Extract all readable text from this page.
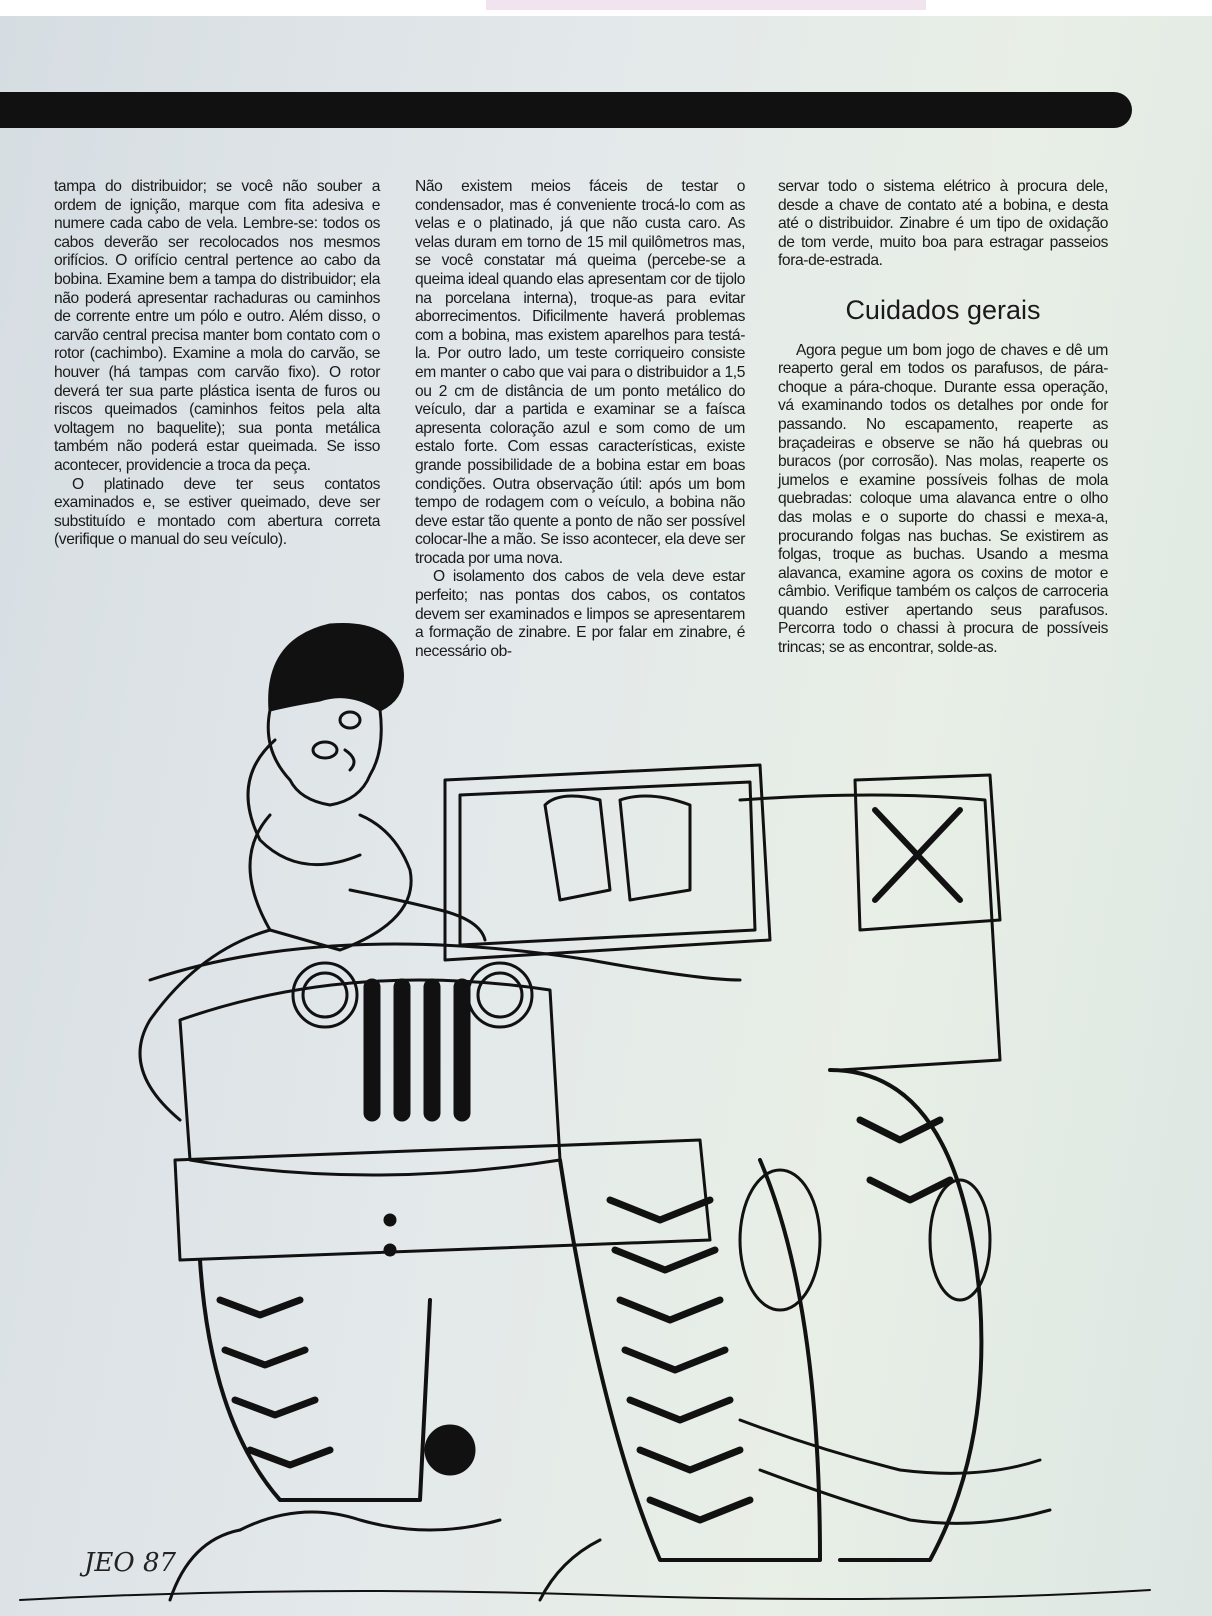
tampa do distribuidor; se você não souber a ordem de ignição, marque com fita adesiva e numere cada cabo de vela. Lembre-se: todos os cabos deverão ser recolocados nos mesmos orifícios. O orifício central pertence ao cabo da bobina. Examine bem a tampa do distribuidor; ela não poderá apresentar rachaduras ou caminhos de corrente entre um pólo e outro. Além disso, o carvão central precisa manter bom contato com o rotor (cachimbo). Examine a mola do carvão, se houver (há tampas com carvão fixo). O rotor deverá ter sua parte plástica isenta de furos ou riscos queimados (caminhos feitos pela alta voltagem no baquelite); sua ponta metálica também não poderá estar queimada. Se isso acontecer, providencie a troca da peça.

O platinado deve ter seus contatos examinados e, se estiver queimado, deve ser substituído e montado com abertura correta (verifique o manual do seu veículo).

Não existem meios fáceis de testar o condensador, mas é conveniente trocá-lo com as velas e o platinado, já que não custa caro. As velas duram em torno de 15 mil quilômetros mas, se você constatar má queima (percebe-se a queima ideal quando elas apresentam cor de tijolo na porcelana interna), troque-as para evitar aborrecimentos. Dificilmente haverá problemas com a bobina, mas existem aparelhos para testá-la. Por outro lado, um teste corriqueiro consiste em manter o cabo que vai para o distribuidor a 1,5 ou 2 cm de distância de um ponto metálico do veículo, dar a partida e examinar se a faísca apresenta coloração azul e som como de um estalo forte. Com essas características, existe grande possibilidade de a bobina estar em boas condições. Outra observação útil: após um bom tempo de rodagem com o veículo, a bobina não deve estar tão quente a ponto de não ser possível colocar-lhe a mão. Se isso acontecer, ela deve ser trocada por uma nova.

O isolamento dos cabos de vela deve estar perfeito; nas pontas dos cabos, os contatos devem ser examinados e limpos se apresentarem a formação de zinabre. E por falar em zinabre, é necessário ob-

servar todo o sistema elétrico à procura dele, desde a chave de contato até a bobina, e desta até o distribuidor. Zinabre é um tipo de oxidação de tom verde, muito boa para estragar passeios fora-de-estrada.

Cuidados gerais

Agora pegue um bom jogo de chaves e dê um reaperto geral em todos os parafusos, de pára-choque a pára-choque. Durante essa operação, vá examinando todos os detalhes por onde for passando. No escapamento, reaperte as braçadeiras e observe se não há quebras ou buracos (por corrosão). Nas molas, reaperte os jumelos e examine possíveis folhas de mola quebradas: coloque uma alavanca entre o olho das molas e o suporte do chassi e mexa-a, procurando folgas nas buchas. Se existirem as folgas, troque as buchas. Usando a mesma alavanca, examine agora os coxins de motor e câmbio. Verifique também os calços de carroceria quando estiver apertando seus parafusos. Percorra todo o chassi à procura de possíveis trincas; se as encontrar, solde-as.

JEO 87
